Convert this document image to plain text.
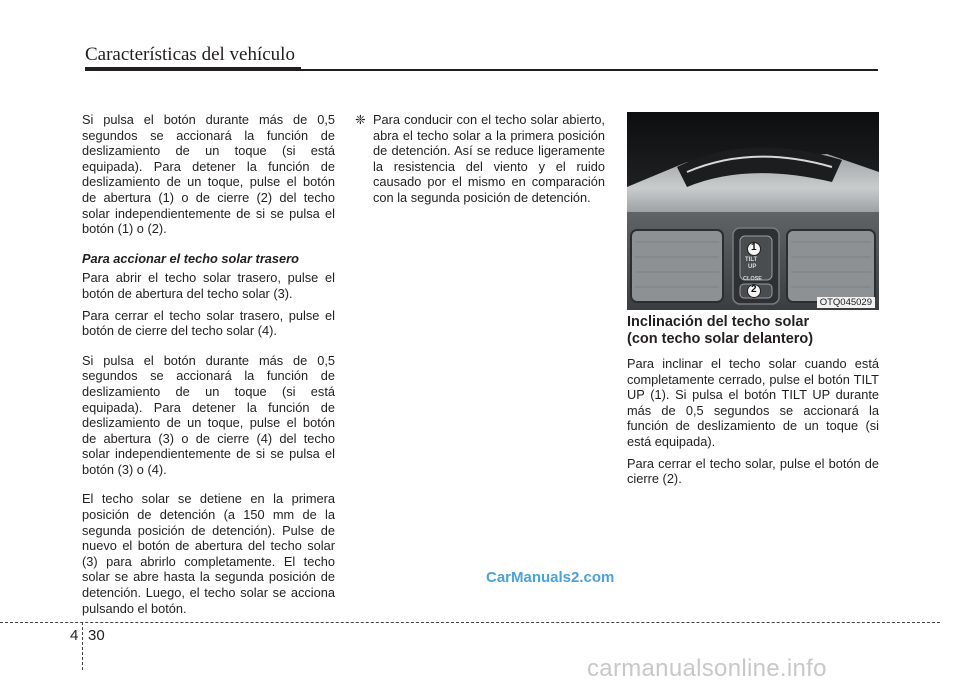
Características del vehículo

Si pulsa el botón durante más de 0,5 segundos se accionará la función de deslizamiento de un toque (si está equipada). Para detener la función de deslizamiento de un toque, pulse el botón de abertura (1) o de cierre (2) del techo solar independientemente de si se pulsa el botón (1) o (2).

Para accionar el techo solar trasero

Para abrir el techo solar trasero, pulse el botón de abertura del techo solar (3).

Para cerrar el techo solar trasero, pulse el botón de cierre del techo solar (4).

Si pulsa el botón durante más de 0,5 segundos se accionará la función de deslizamiento de un toque (si está equipada). Para detener la función de deslizamiento de un toque, pulse el botón de abertura (3) o de cierre (4) del techo solar independientemente de si se pulsa el botón (3) o (4).

El techo solar se detiene en la primera posición de detención (a 150 mm de la segunda posición de detención). Pulse de nuevo el botón de abertura del techo solar (3) para abrirlo completamente. El techo solar se abre hasta la segunda posición de detención. Luego, el techo solar se acciona pulsando el botón.

❈ Para conducir con el techo solar abierto, abra el techo solar a la primera posición de detención. Así se reduce ligeramente la resistencia del viento y el ruido causado por el mismo en comparación con la segunda posición de detención.
TILT
UP
CLOSE
1
2
OTQ045029
Inclinación del techo solar
(con techo solar delantero)

Para inclinar el techo solar cuando está completamente cerrado, pulse el botón TILT UP (1). Si pulsa el botón TILT UP durante más de 0,5 segundos se accionará la función de deslizamiento de un toque (si está equipada).

Para cerrar el techo solar, pulse el botón de cierre (2).

CarManuals2.com
4 30
carmanualsonline.info
